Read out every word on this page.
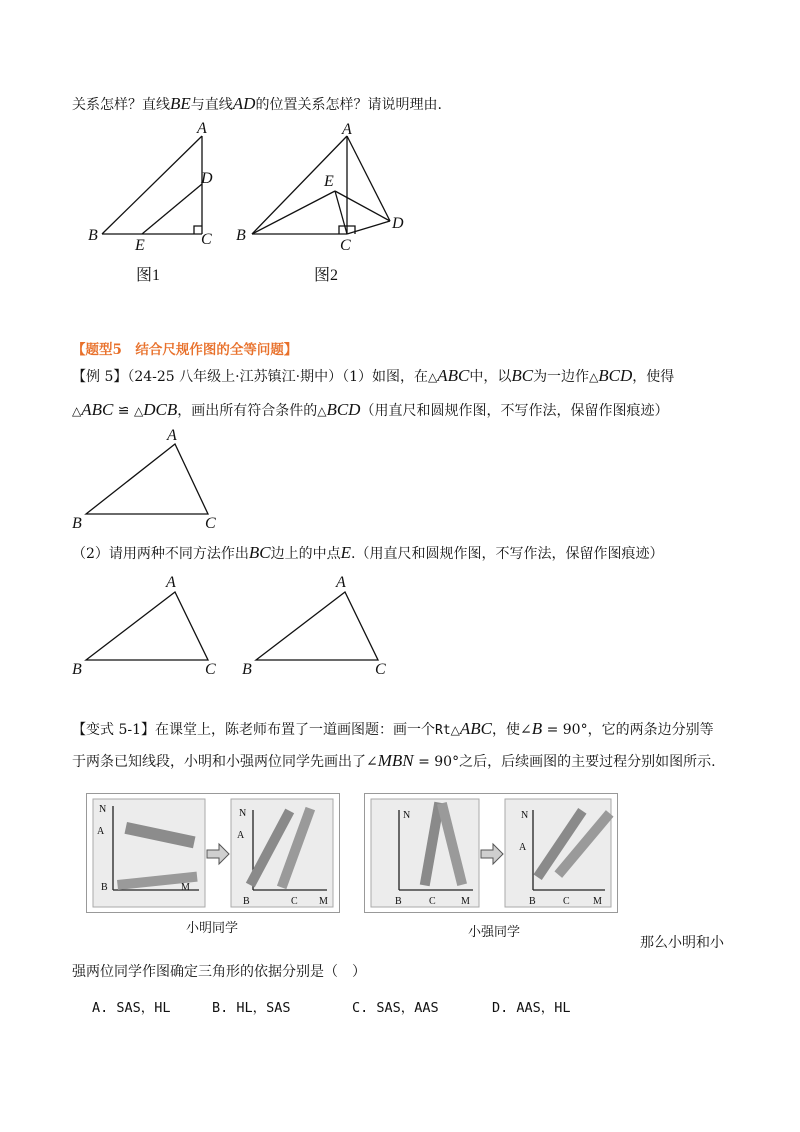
关系怎样？直线BE与直线AD的位置关系怎样？请说明理由.
A
B	C
D
E
图1
A
B
C
D
E
图2
【题型5　结合尺规作图的全等问题】
【例 5】（24-25 八年级上·江苏镇江·期中）（1）如图，在△ABC中，以BC为一边作△BCD，使得
△ABC ≌ △DCB，画出所有符合条件的△BCD（用直尺和圆规作图，不写作法，保留作图痕迹）
A
B	C
（2）请用两种不同方法作出BC边上的中点E.（用直尺和圆规作图，不写作法，保留作图痕迹）
A
B	C
A
B	C
【变式 5-1】在课堂上，陈老师布置了一道画图题：画一个Rt△ABC，使∠B = 90°，它的两条边分别等
于两条已知线段，小明和小强两位同学先画出了∠MBN = 90°之后，后续画图的主要过程分别如图所示.
N
A
B	M
N
A
B	C M
小明同学
N
B	C	M
N
A
B	C M
小强同学
那么小明和小
强两位同学作图确定三角形的依据分别是（　）
A. SAS，HL	B. HL，SAS	C. SAS，AAS	D. AAS，HL
